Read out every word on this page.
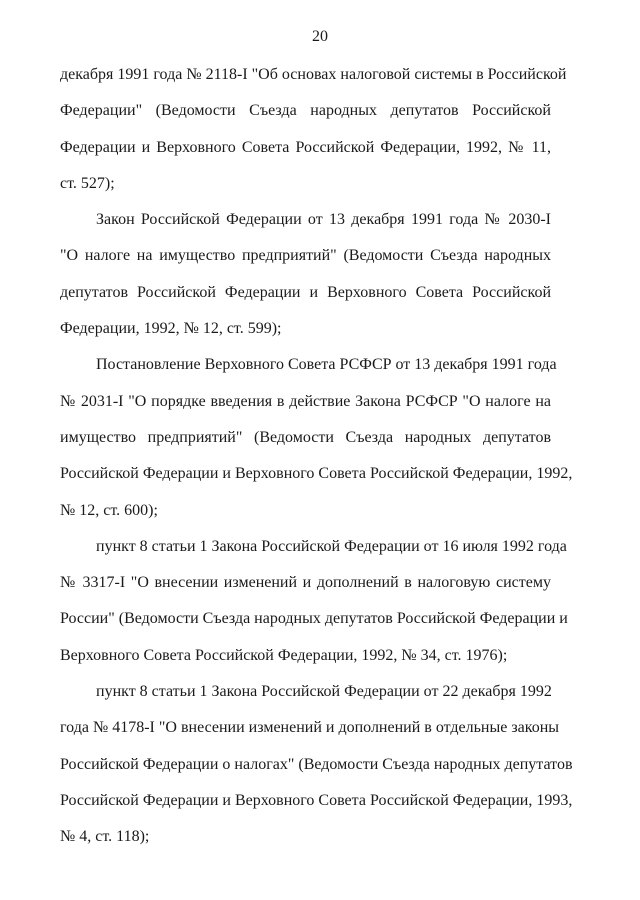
20
декабря 1991 года № 2118-I "Об основах налоговой системы в Российской
Федерации" (Ведомости Съезда народных депутатов Российской
Федерации и Верховного Совета Российской Федерации, 1992, № 11,
ст. 527);
Закон Российской Федерации от 13 декабря 1991 года № 2030-I
"О налоге на имущество предприятий" (Ведомости Съезда народных
депутатов Российской Федерации и Верховного Совета Российской
Федерации, 1992, № 12, ст. 599);
Постановление Верховного Совета РСФСР от 13 декабря 1991 года
№ 2031-I "О порядке введения в действие Закона РСФСР "О налоге на
имущество предприятий" (Ведомости Съезда народных депутатов
Российской Федерации и Верховного Совета Российской Федерации, 1992,
№ 12, ст. 600);
пункт 8 статьи 1 Закона Российской Федерации от 16 июля 1992 года
№ 3317-I "О внесении изменений и дополнений в налоговую систему
России" (Ведомости Съезда народных депутатов Российской Федерации и
Верховного Совета Российской Федерации, 1992, № 34, ст. 1976);
пункт 8 статьи 1 Закона Российской Федерации от 22 декабря 1992
года № 4178-I "О внесении изменений и дополнений в отдельные законы
Российской Федерации о налогах" (Ведомости Съезда народных депутатов
Российской Федерации и Верховного Совета Российской Федерации, 1993,
№ 4, ст. 118);
